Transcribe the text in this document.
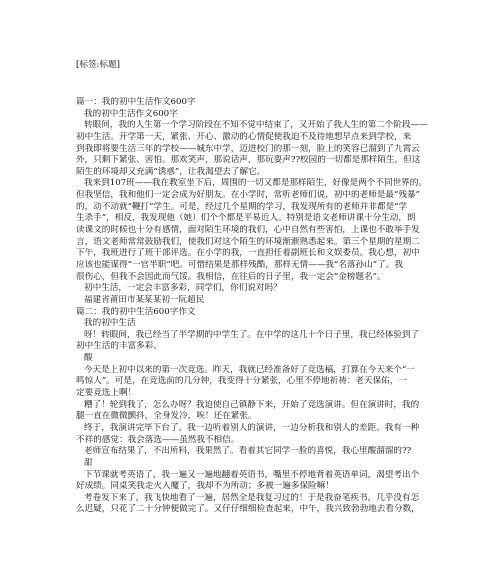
[标签:标题]
篇一：我的初中生活作文600字
我的初中生活作文600字
转眼间，我的人生第一个学习阶段在不知不觉中结束了，又开始了我人生的第二个阶段——
初中生活。开学第一天，紧张、开心、激动的心情促使我迫不及待地想早点来到学校，来
到我即将要生活三年的学校——城东中学，迈进校门的那一刻，脸上的笑容已溜到了九霄云
外，只剩下紧张、害怕。那欢笑声，那说话声，那玩耍声??校园的一切都是那样陌生，但这
陌生的环境却又充满“诱惑”，让我渴望去了解它。
我来到107班——我在教室坐下后，周围的一切又都是那样陌生，好像是两个不同世界的。
但我坚信，我和他们一定会成为好朋友。在小学时，常听老师们说，初中的老师是最“残暴”
的，动不动就“鞭打”学生。可是，经过几个星期的学习，我发现所有的老师并非都是“学
生杀手”，相反，我发现他（她）们个个都是平易近人。特别是语文老师讲课十分生动，朗
读课文的时候也十分有感情，面对陌生环境的我们，心中自然有些害怕，上课也不敢举手发
言，语文老师常常鼓励我们，使我们对这个陌生的环境渐渐熟悉起来。第三个星期的星期二
下午，我班进行了班干部评选。在小学的我，一直担任着副班长和文娱委员。我心想，初中
应该也能谋得“一官半职”吧。可惜结果是那样残酷，那样无情——我“名落孙山”了。我
很伤心，但我不会因此而气馁。我相信，在往后的日子里，我一定会“金榜题名”。
初中生活，一定会丰富多彩，同学们，你们说对吗？
福建省莆田市某某某初一阮超民
篇二：我的初中生活600字作文
我的初中生活
呀！转眼间，我已经当了半学期的中学生了。在中学的这几十个日子里，我已经体验到了
初中生活的丰富多彩。
酸
今天是上初中以来的第一次竞选。昨天，我就已经准备好了竞选稿，打算在今天来个“一
鸣惊人”。可是，在竞选前的几分钟，我变得十分紧张，心里不停地祈祷：老天保佑，一
定要竞选上啊！
糟了！轮到我了，怎么办呀？我迫使自己镇静下来，开始了竞选演讲。但在演讲时，我的
腿一直在微微颤抖，全身发冷，唉！还在紧张。
终于，我演讲完毕下台了。我一边听着别人的演讲，一边分析我和别人的差距。我有一种
不祥的感觉：我会落选——虽然我不相信。
老师宣布结果了，不出所料，我果然了。看着其它同学一脸的喜悦，我心里酸溜溜的??
甜
下节课就考英语了，我一遍又一遍地翻着英语书，嘴里不停地背着英语单词，渴望考出个
好成绩。同桌笑我走火入魔了，我却不为所动；多被一遍多保险嘛！
考卷发下来了，我飞快地看了一遍，居然全是我复习过的！于是我奋笔疾书，几乎没有怎
么迟疑，只花了二十分钟便做完了。又仔仔细细检查起来，中午，我兴致勃勃地去看分数，
